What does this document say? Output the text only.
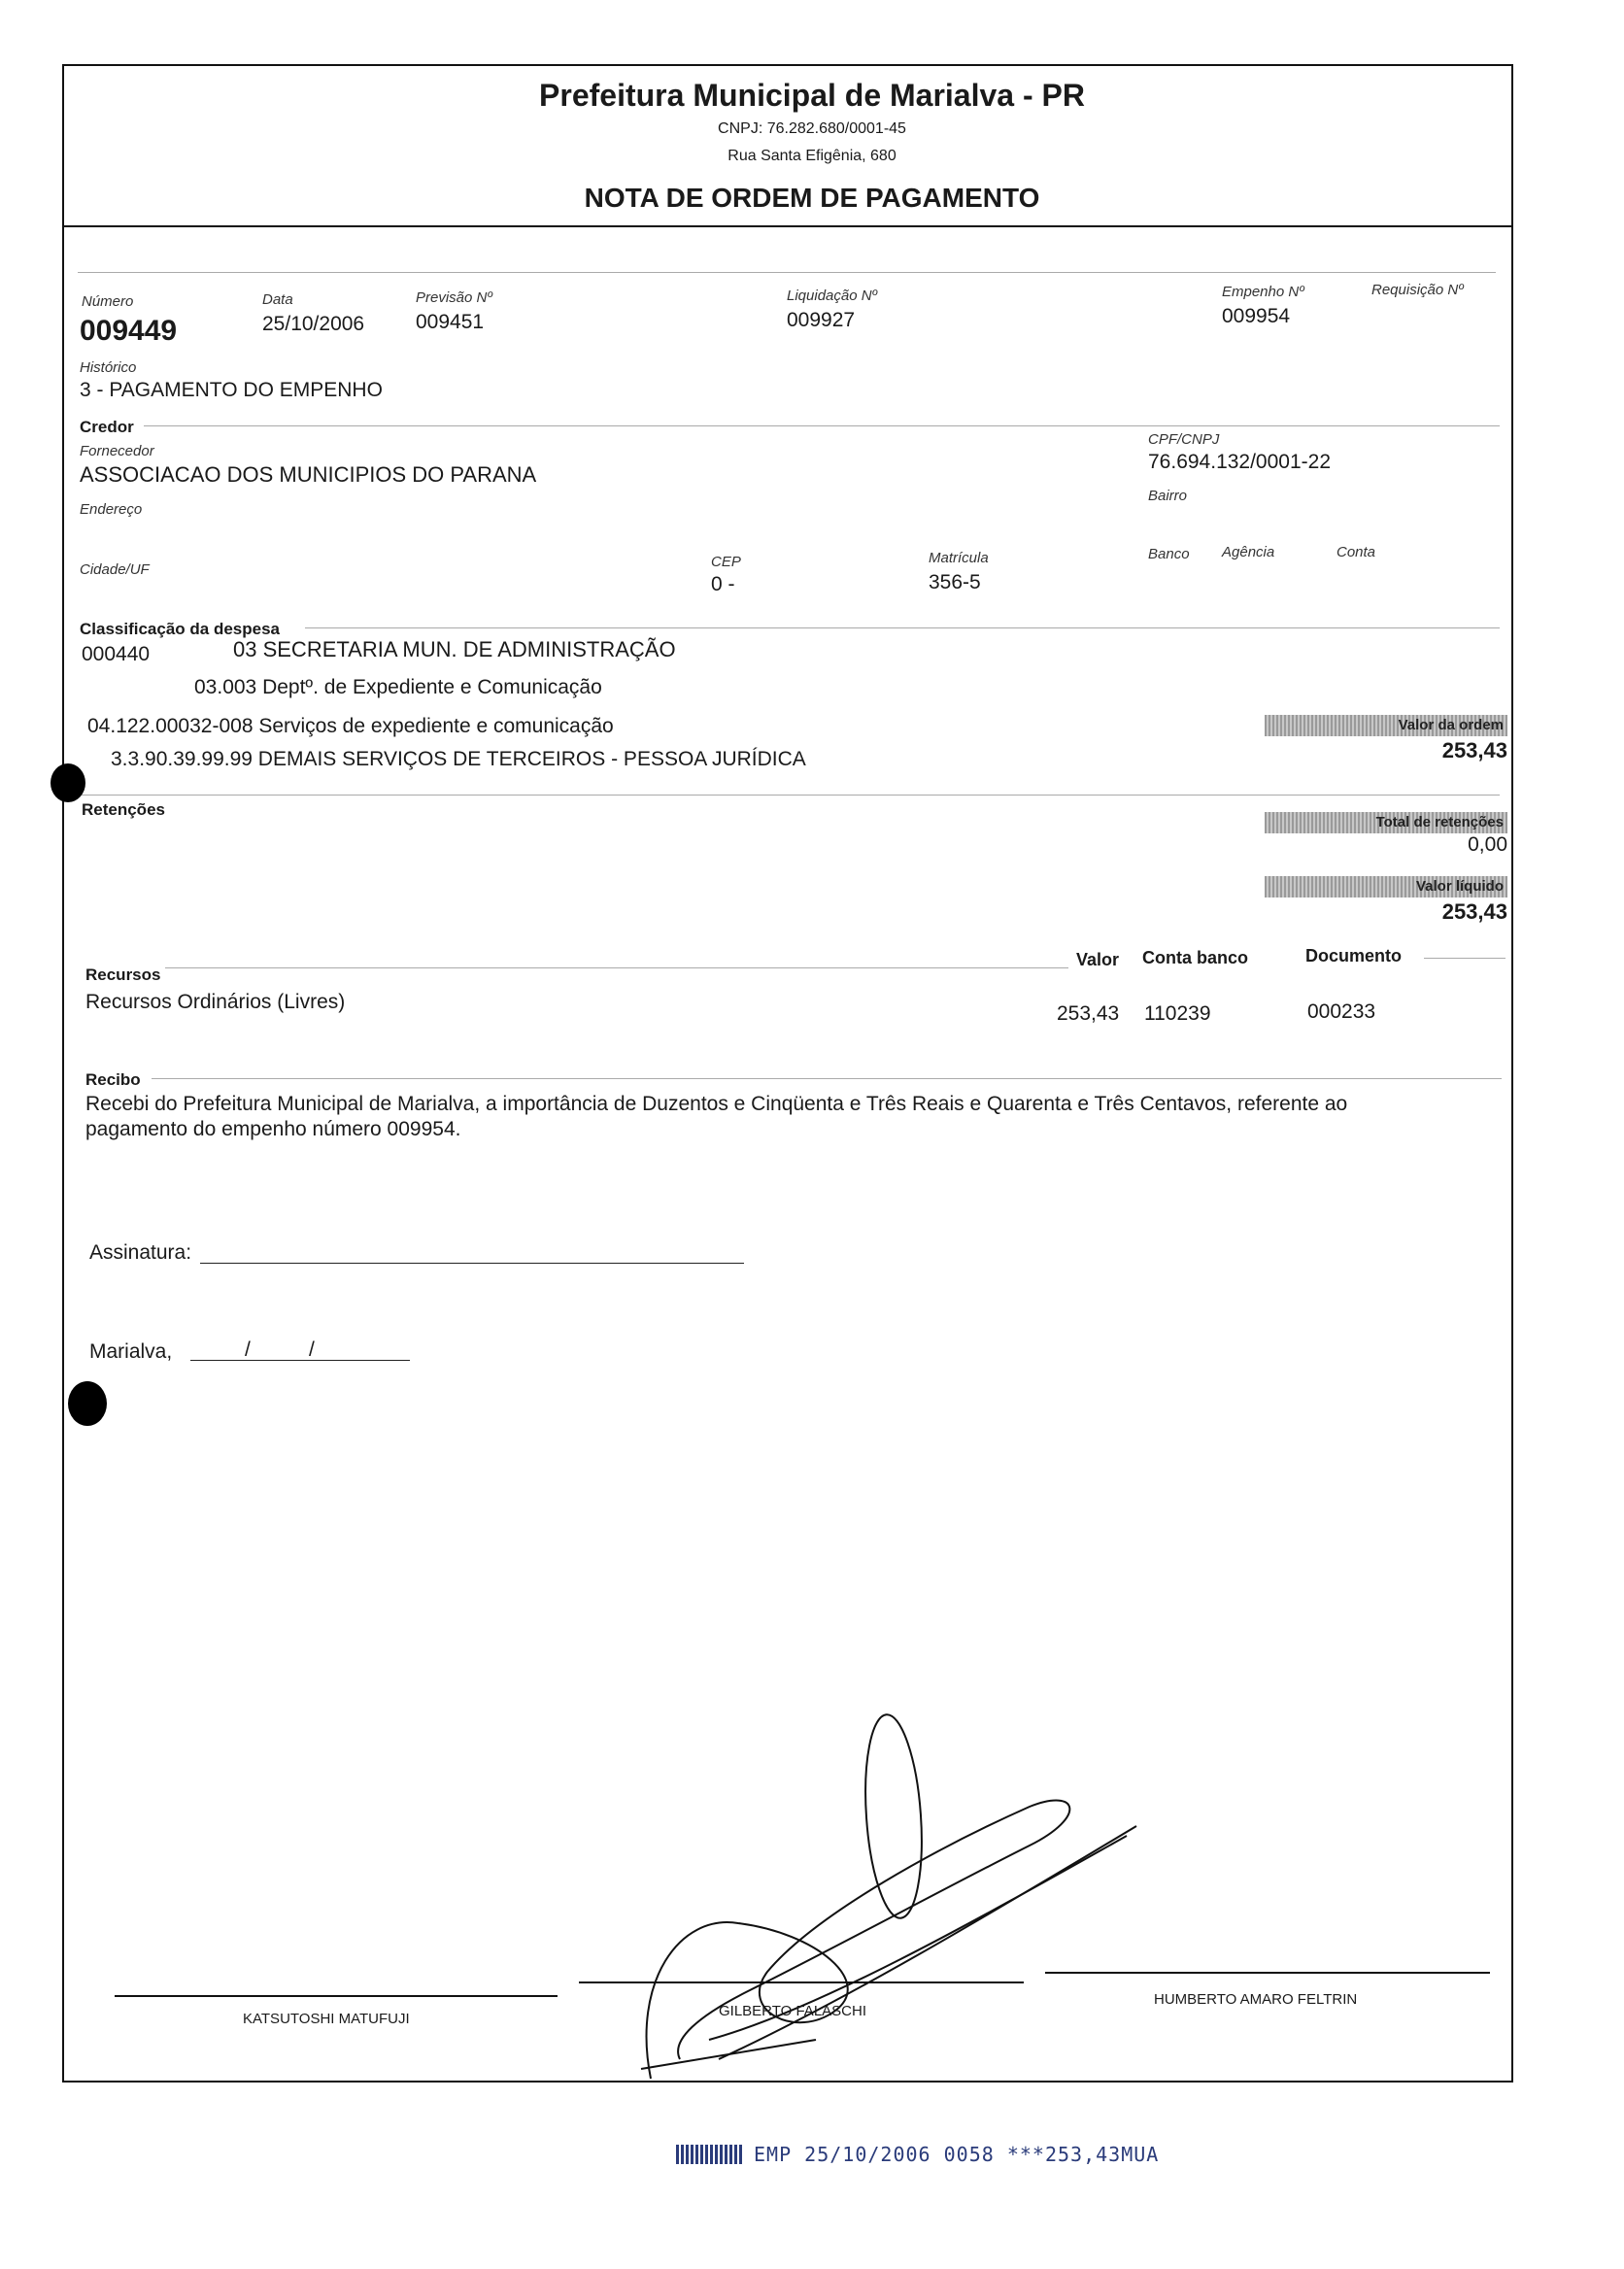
Prefeitura Municipal de Marialva - PR
CNPJ: 76.282.680/0001-45
Rua Santa Efigênia, 680
NOTA DE ORDEM DE PAGAMENTO
Número
009449
Data
25/10/2006
Previsão Nº
009451
Liquidação Nº
009927
Empenho Nº
009954
Requisição Nº
Histórico
3 - PAGAMENTO DO EMPENHO
Credor
Fornecedor
ASSOCIACAO DOS MUNICIPIOS DO PARANA
CPF/CNPJ
76.694.132/0001-22
Endereço
Bairro
Cidade/UF	CEP
0 -
Matrícula
356-5
Banco Agência	Conta
Classificação da despesa
000440	03 SECRETARIA MUN. DE ADMINISTRAÇÃO
03.003 Deptº. de Expediente e Comunicação
04.122.00032-008 Serviços de expediente e comunicação
3.3.90.39.99.99 DEMAIS SERVIÇOS DE TERCEIROS - PESSOA JURÍDICA
Valor da ordem
253,43
Retenções
Total de retenções
0,00
Valor líquido
253,43
Recursos
Valor Conta banco	Documento
Recursos Ordinários (Livres)
253,43 110239	000233
Recibo
Recebi do Prefeitura Municipal de Marialva, a importância de Duzentos e Cinqüenta e Três Reais e Quarenta e Três Centavos, referente ao pagamento do empenho número 009954.
Assinatura:
Marialva,	/	/
KATSUTOSHI MATUFUJI	GILBERTO FALASCHI
HUMBERTO AMARO FELTRIN
EMP 25/10/2006 0058 ***253,43MUA
